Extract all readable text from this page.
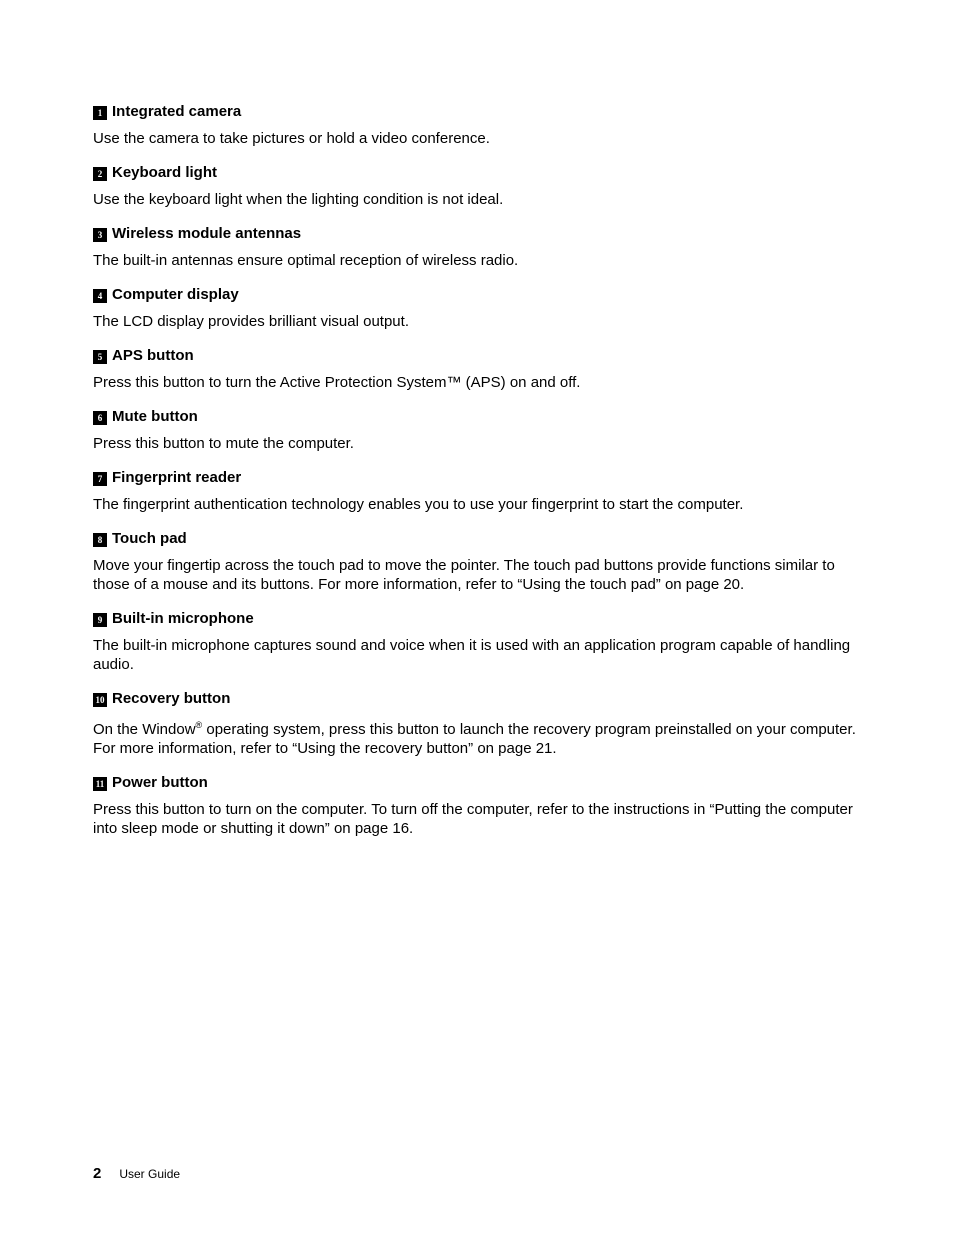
1 Integrated camera

Use the camera to take pictures or hold a video conference.

2 Keyboard light

Use the keyboard light when the lighting condition is not ideal.

3 Wireless module antennas

The built-in antennas ensure optimal reception of wireless radio.

4 Computer display

The LCD display provides brilliant visual output.

5 APS button

Press this button to turn the Active Protection System™ (APS) on and off.

6 Mute button

Press this button to mute the computer.

7 Fingerprint reader

The fingerprint authentication technology enables you to use your fingerprint to start the computer.

8 Touch pad

Move your fingertip across the touch pad to move the pointer. The touch pad buttons provide functions similar to those of a mouse and its buttons. For more information, refer to “Using the touch pad” on page 20.

9 Built-in microphone

The built-in microphone captures sound and voice when it is used with an application program capable of handling audio.

10 Recovery button

On the Window® operating system, press this button to launch the recovery program preinstalled on your computer. For more information, refer to “Using the recovery button” on page 21.

11 Power button

Press this button to turn on the computer. To turn off the computer, refer to the instructions in “Putting the computer into sleep mode or shutting it down” on page 16.

2 User Guide
